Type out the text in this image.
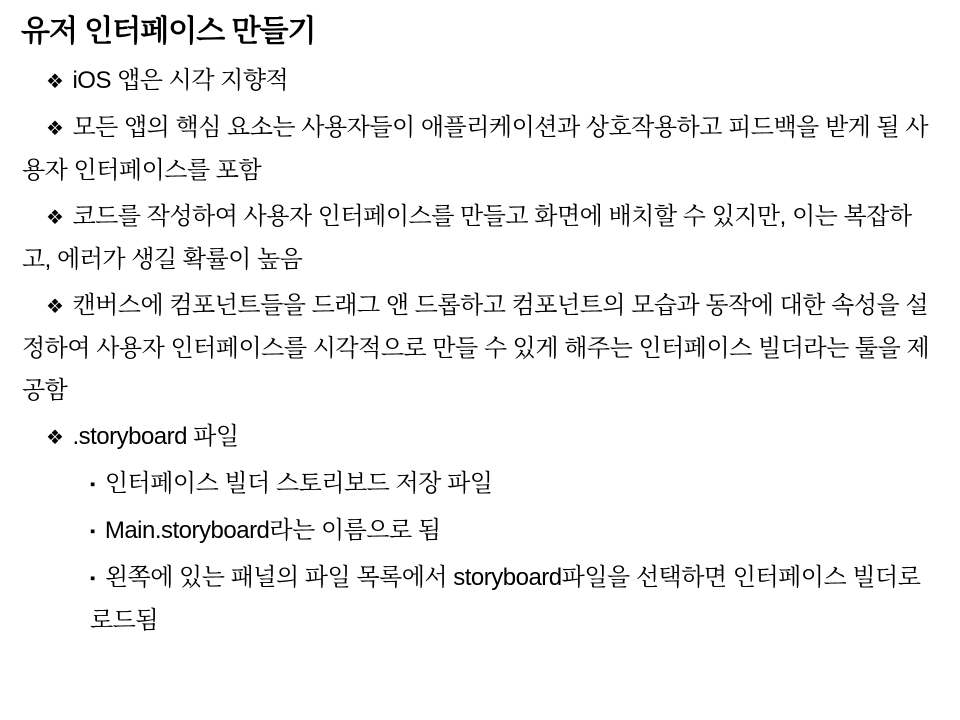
유저 인터페이스 만들기

❖ iOS 앱은 시각 지향적

❖ 모든 앱의 핵심 요소는 사용자들이 애플리케이션과 상호작용하고 피드백을 받게 될 사용자 인터페이스를 포함

❖ 코드를 작성하여 사용자 인터페이스를 만들고 화면에 배치할 수 있지만, 이는 복잡하고, 에러가 생길 확률이 높음

❖ 캔버스에 컴포넌트들을 드래그 앤 드롭하고 컴포넌트의 모습과 동작에 대한 속성을 설정하여 사용자 인터페이스를 시각적으로 만들 수 있게 해주는 인터페이스 빌더라는 툴을 제공함

❖ .storyboard 파일

▪ 인터페이스 빌더 스토리보드 저장 파일

▪ Main.storyboard라는 이름으로 됨

▪ 왼쪽에 있는 패널의 파일 목록에서 storyboard파일을 선택하면 인터페이스 빌더로 로드됨
